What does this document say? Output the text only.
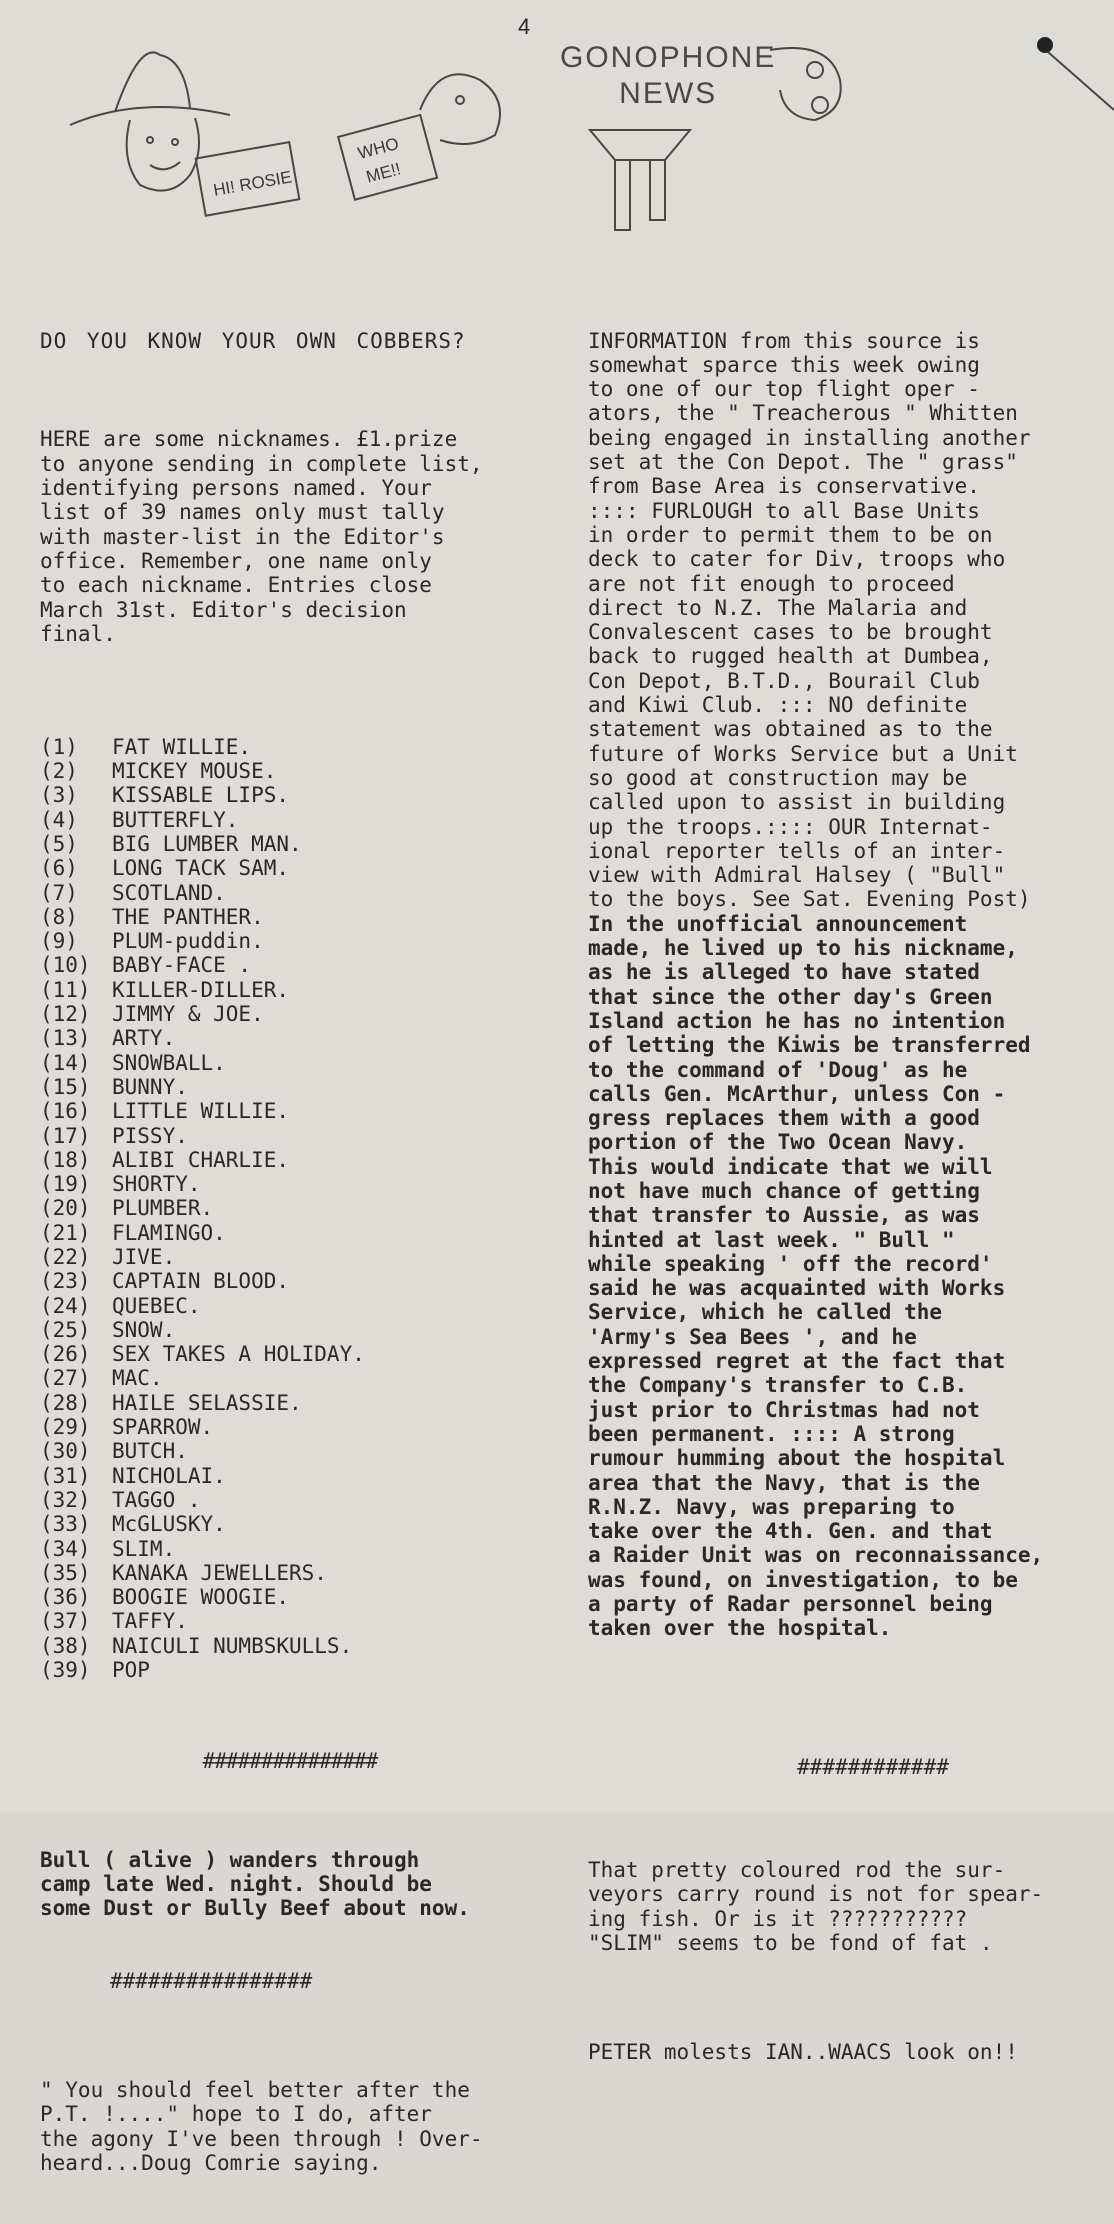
4
HI! ROSIE
WHO
ME!!
GONOPHONE
NEWS

DO YOU KNOW YOUR OWN COBBERS?

HERE are some nicknames. £1.prize
to anyone sending in complete list,
identifying persons named. Your
list of 39 names only must tally
with master-list in the Editor's
office. Remember, one name only
to each nickname. Entries close
March 31st. Editor's decision
final.

(1)	FAT WILLIE.
(2)	MICKEY MOUSE.
(3)	KISSABLE LIPS.
(4)	BUTTERFLY.
(5)	BIG LUMBER MAN.
(6)	LONG TACK SAM.
(7)	SCOTLAND.
(8)	THE PANTHER.
(9)	PLUM-puddin.
(10)	BABY-FACE .
(11)	KILLER-DILLER.
(12)	JIMMY & JOE.
(13)	ARTY.
(14)	SNOWBALL.
(15)	BUNNY.
(16)	LITTLE WILLIE.
(17)	PISSY.
(18)	ALIBI CHARLIE.
(19)	SHORTY.
(20)	PLUMBER.
(21)	FLAMINGO.
(22)	JIVE.
(23)	CAPTAIN BLOOD.
(24)	QUEBEC.
(25)	SNOW.
(26)	SEX TAKES A HOLIDAY.
(27)	MAC.
(28)	HAILE SELASSIE.
(29)	SPARROW.
(30)	BUTCH.
(31)	NICHOLAI.
(32)	TAGGO .
(33)	McGLUSKY.
(34)	SLIM.
(35)	KANAKA JEWELLERS.
(36)	BOOGIE WOOGIE.
(37)	TAFFY.
(38)	NAICULI NUMBSKULLS.
(39)	POP

###############

Bull ( alive ) wanders through
camp late Wed. night. Should be
some Dust or Bully Beef about now.

################

" You should feel better after the
P.T. !...." hope to I do, after
the agony I've been through ! Over-
heard...Doug Comrie saying.

INFORMATION from this source is
somewhat sparce this week owing
to one of our top flight oper -
ators, the " Treacherous " Whitten
being engaged in installing another
set at the Con Depot. The " grass"
from Base Area is conservative.
:::: FURLOUGH to all Base Units
in order to permit them to be on
deck to cater for Div, troops who
are not fit enough to proceed
direct to N.Z. The Malaria and
Convalescent cases to be brought
back to rugged health at Dumbea,
Con Depot, B.T.D., Bourail Club
and Kiwi Club. ::: NO definite
statement was obtained as to the
future of Works Service but a Unit
so good at construction may be
called upon to assist in building
up the troops.:::: OUR Internat-
ional reporter tells of an inter-
view with Admiral Halsey ( "Bull"
to the boys. See Sat. Evening Post)
In the unofficial announcement
made, he lived up to his nickname,
as he is alleged to have stated
that since the other day's Green
Island action he has no intention
of letting the Kiwis be transferred
to the command of 'Doug' as he
calls Gen. McArthur, unless Con -
gress replaces them with a good
portion of the Two Ocean Navy.
This would indicate that we will
not have much chance of getting
that transfer to Aussie, as was
hinted at last week. " Bull "
while speaking ' off the record'
said he was acquainted with Works
Service, which he called the
'Army's Sea Bees ', and he
expressed regret at the fact that
the Company's transfer to C.B.
just prior to Christmas had not
been permanent. :::: A strong
rumour humming about the hospital
area that the Navy, that is the
R.N.Z. Navy, was preparing to
take over the 4th. Gen. and that
a Raider Unit was on reconnaissance,
was found, on investigation, to be
a party of Radar personnel being
taken over the hospital.

############

That pretty coloured rod the sur-
veyors carry round is not for spear-
ing fish. Or is it ???????????
"SLIM" seems to be fond of fat .

PETER molests IAN..WAACS look on!!
